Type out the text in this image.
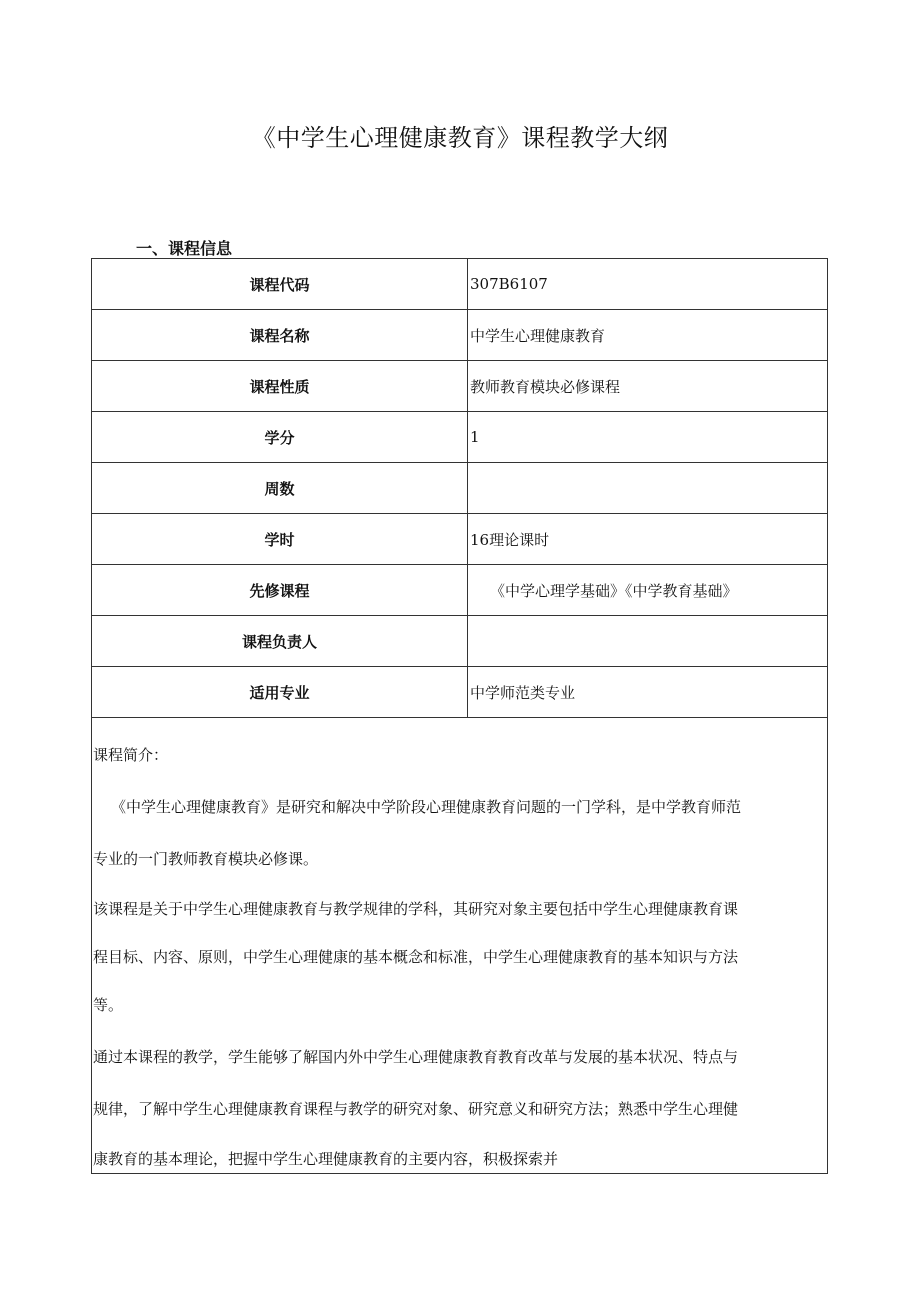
《中学生心理健康教育》课程教学大纲
一、课程信息
课程代码	307B6107
课程名称	中学生心理健康教育
课程性质	教师教育模块必修课程
学分	1
周数	
学时	16理论课时
先修课程	《中学心理学基础》《中学教育基础》
课程负责人	
适用专业	中学师范类专业
课程简介：
《中学生心理健康教育》是研究和解决中学阶段心理健康教育问题的一门学科，是中学教育师范
专业的一门教师教育模块必修课。
该课程是关于中学生心理健康教育与教学规律的学科，其研究对象主要包括中学生心理健康教育课
程目标、内容、原则，中学生心理健康的基本概念和标准，中学生心理健康教育的基本知识与方法
等。
通过本课程的教学，学生能够了解国内外中学生心理健康教育教育改革与发展的基本状况、特点与
规律，了解中学生心理健康教育课程与教学的研究对象、研究意义和研究方法；熟悉中学生心理健
康教育的基本理论，把握中学生心理健康教育的主要内容，积极探索并
